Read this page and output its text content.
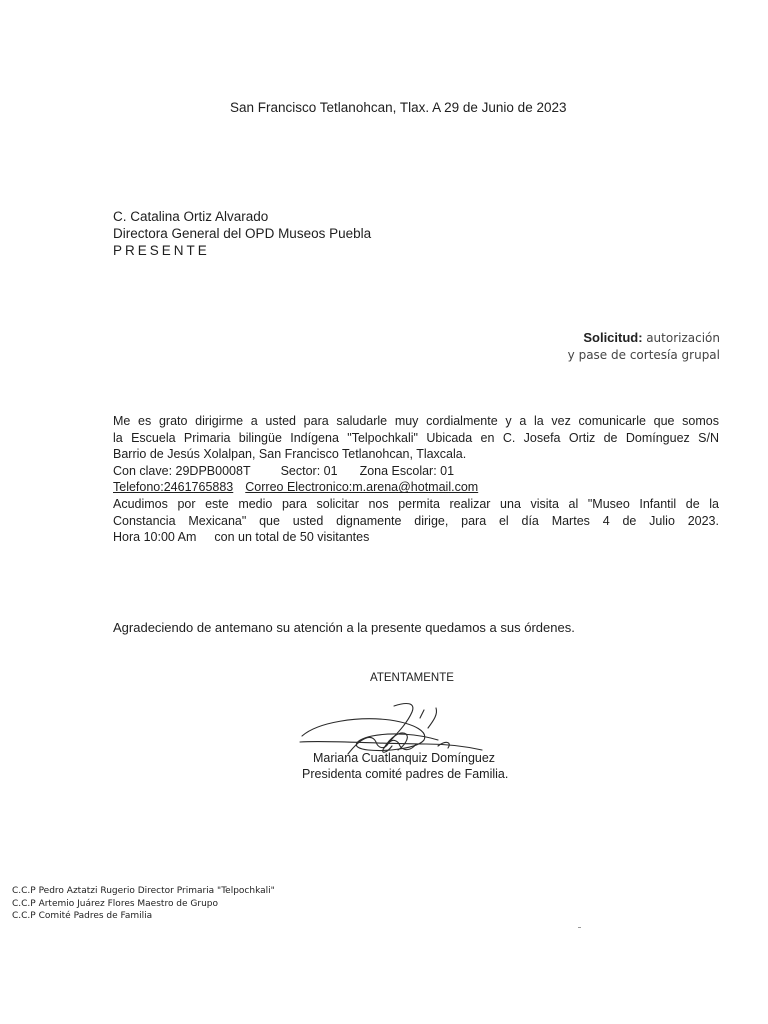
San Francisco Tetlanohcan, Tlax. A 29 de Junio de 2023
C. Catalina Ortiz Alvarado
Directora General del OPD Museos Puebla
PRESENTE
Solicitud: autorización
y pase de cortesía grupal
Me es grato dirigirme a usted para saludarle muy cordialmente y a la vez comunicarle que somos
la Escuela Primaria bilingüe Indígena "Telpochkali" Ubicada en C. Josefa Ortiz de Domínguez S/N
Barrio de Jesús Xolalpan, San Francisco Tetlanohcan, Tlaxcala.
Con clave: 29DPB0008T Sector: 01 Zona Escolar: 01
Telefono:2461765883 Correo Electronico:m.arena@hotmail.com
Acudimos por este medio para solicitar nos permita realizar una visita al "Museo Infantil de la
Constancia Mexicana" que usted dignamente dirige, para el día Martes 4 de Julio 2023.
Hora 10:00 Am con un total de 50 visitantes
Agradeciendo de antemano su atención a la presente quedamos a sus órdenes.
ATENTAMENTE
Mariana Cuatlanquiz Domínguez
Presidenta comité padres de Familia.
C.C.P Pedro Aztatzi Rugerio Director Primaria "Telpochkali"
C.C.P Artemio Juárez Flores Maestro de Grupo
C.C.P Comité Padres de Familia
